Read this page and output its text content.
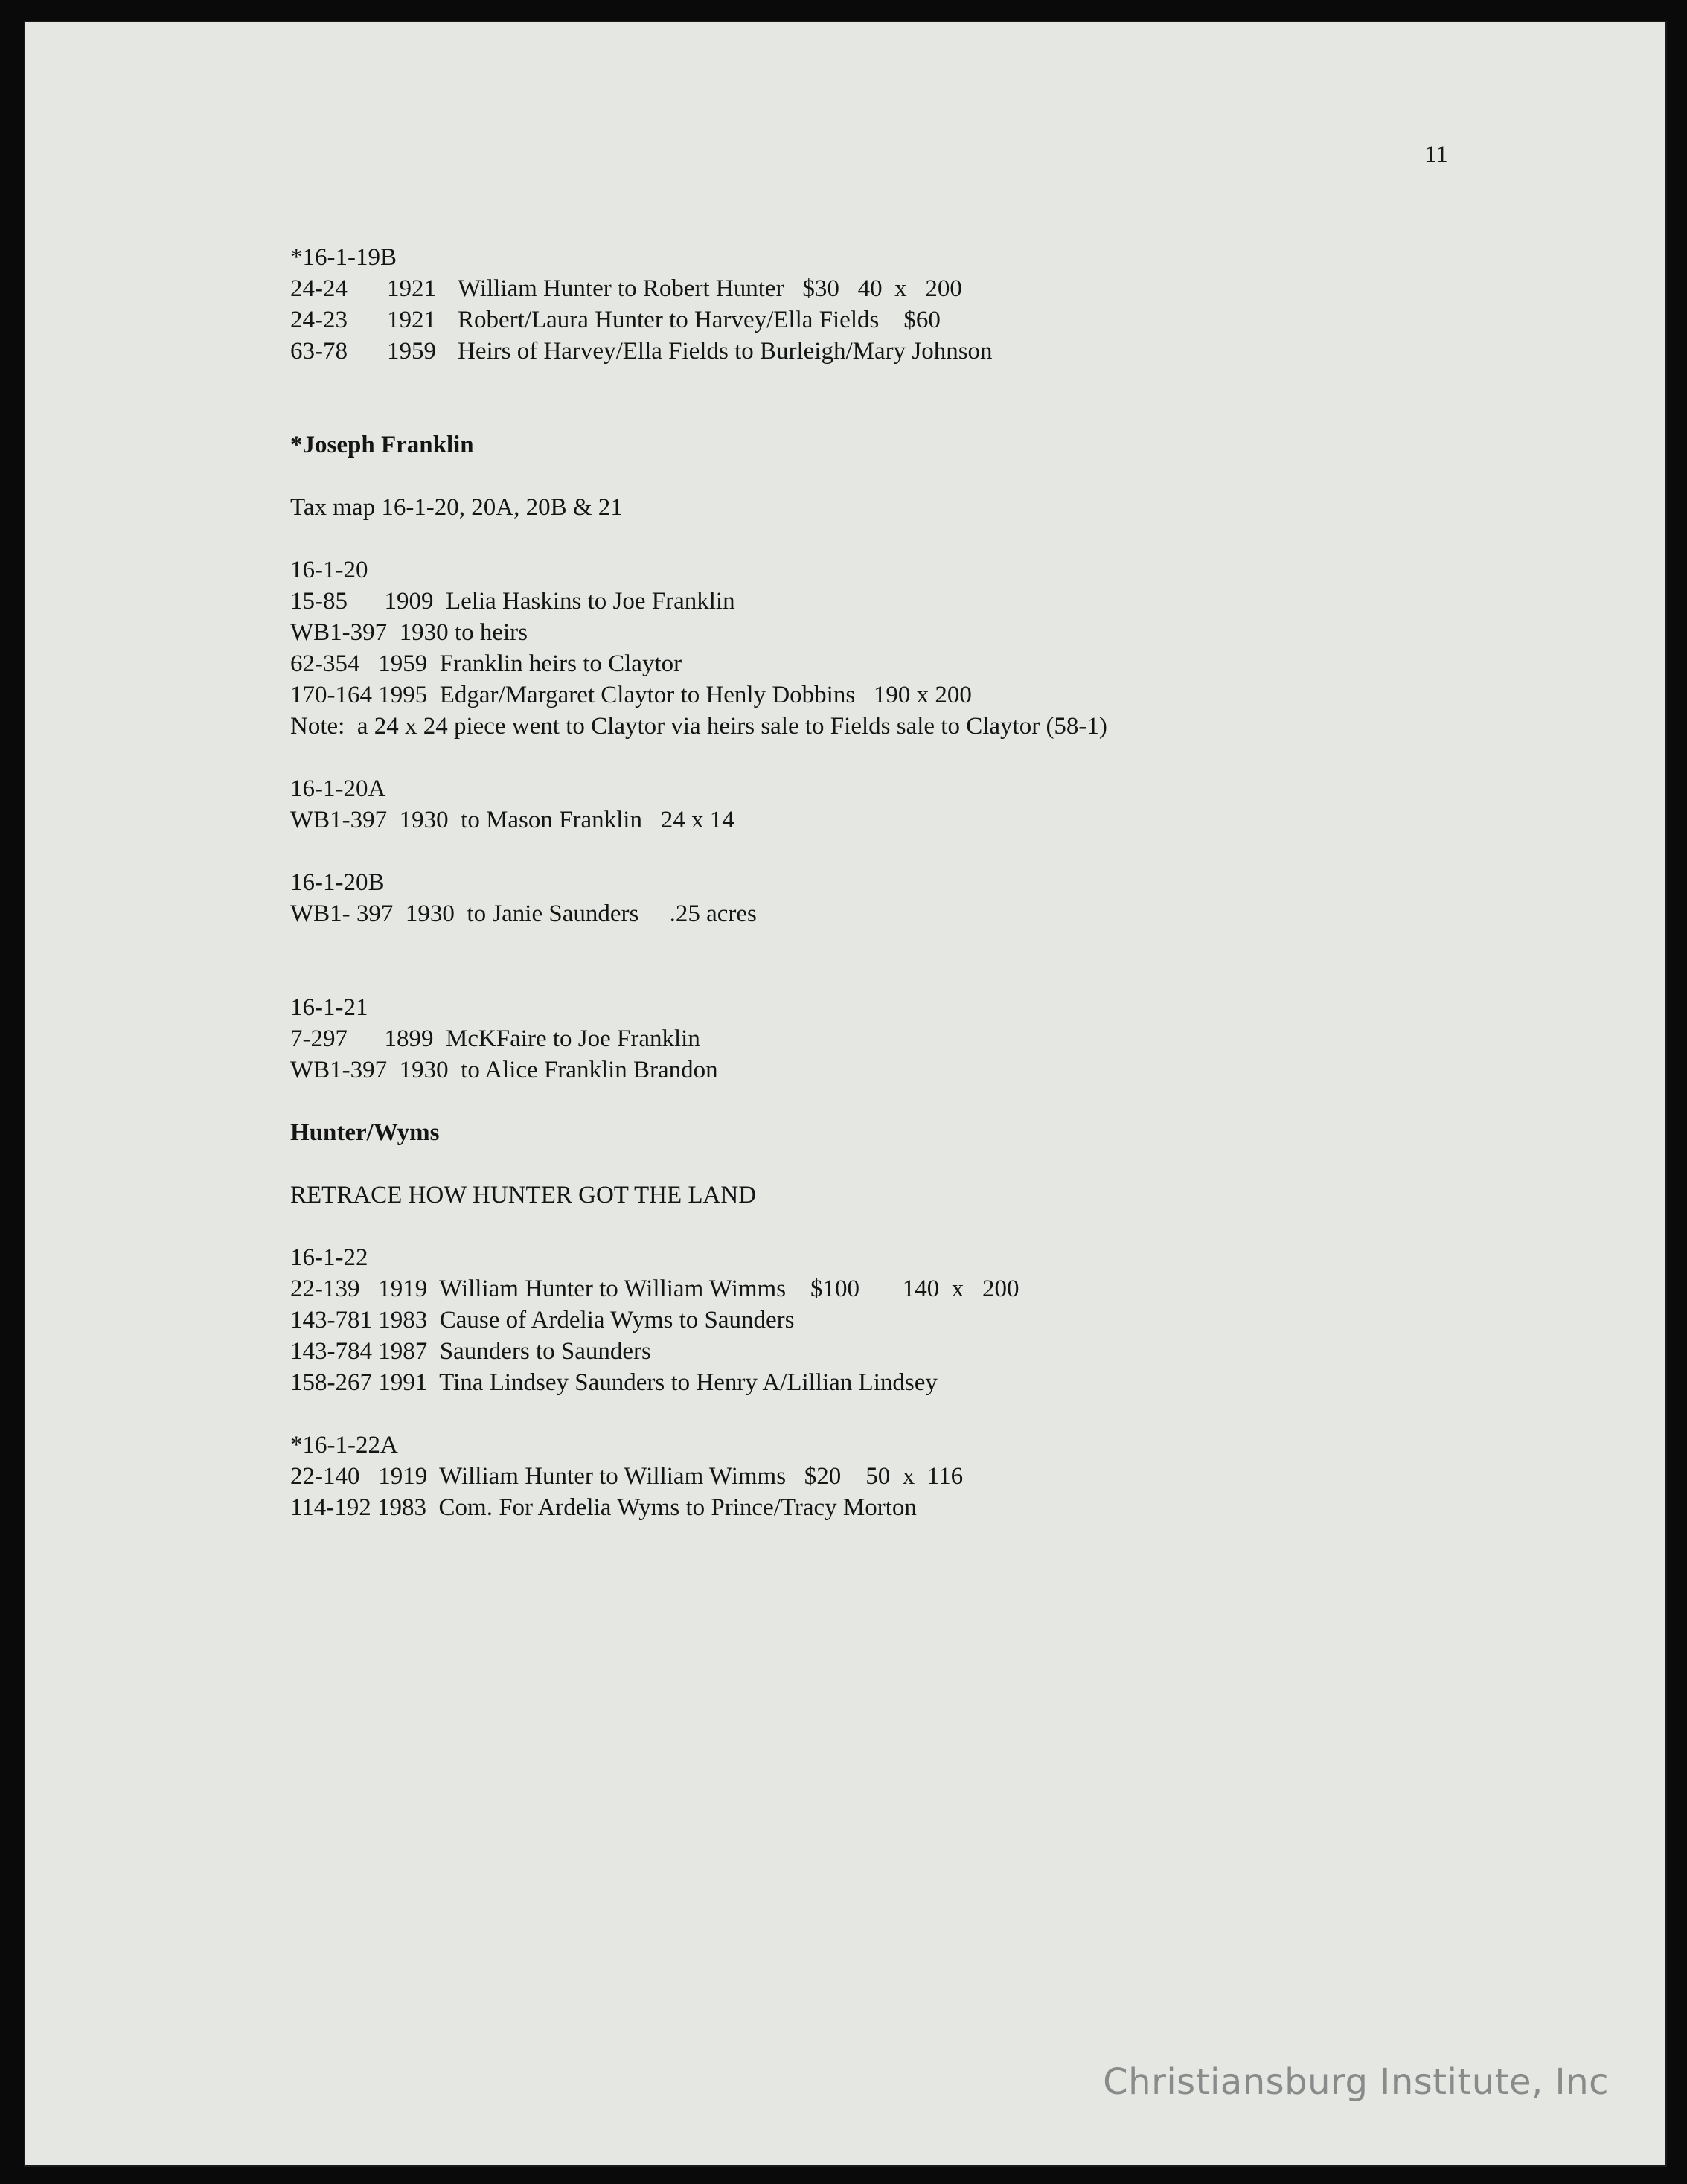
11
*16-1-19B
24-24	1921 William Hunter to Robert Hunter   $30   40  x   200
24-23	1921 Robert/Laura Hunter to Harvey/Ella Fields    $60
63-78	1959 Heirs of Harvey/Ella Fields to Burleigh/Mary Johnson
*Joseph Franklin
Tax map 16-1-20, 20A, 20B & 21
16-1-20
15-85      1909  Lelia Haskins to Joe Franklin
WB1-397  1930 to heirs
62-354   1959  Franklin heirs to Claytor
170-164 1995  Edgar/Margaret Claytor to Henly Dobbins   190 x 200
Note:  a 24 x 24 piece went to Claytor via heirs sale to Fields sale to Claytor (58-1)
16-1-20A
WB1-397  1930  to Mason Franklin   24 x 14
16-1-20B
WB1- 397  1930  to Janie Saunders     .25 acres
16-1-21
7-297      1899  McKFaire to Joe Franklin
WB1-397  1930  to Alice Franklin Brandon
Hunter/Wyms
RETRACE HOW HUNTER GOT THE LAND
16-1-22
22-139   1919  William Hunter to William Wimms    $100       140  x   200
143-781 1983  Cause of Ardelia Wyms to Saunders
143-784 1987  Saunders to Saunders
158-267 1991  Tina Lindsey Saunders to Henry A/Lillian Lindsey
*16-1-22A
22-140   1919  William Hunter to William Wimms   $20    50  x  116
114-192 1983  Com. For Ardelia Wyms to Prince/Tracy Morton
Christiansburg Institute, Inc
